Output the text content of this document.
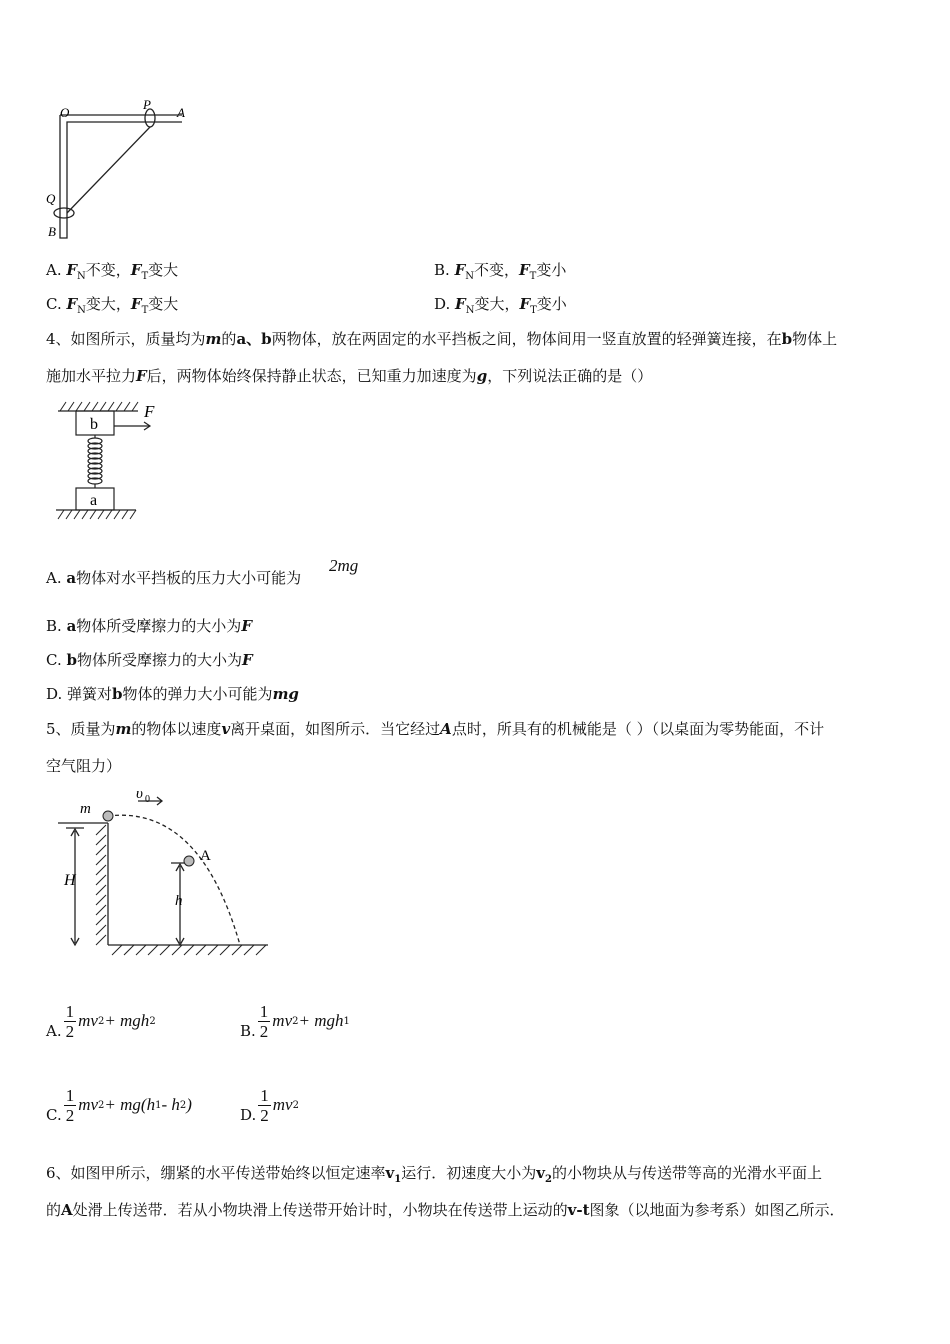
O
P
A
Q
B
A. $F_N$不变，$F_T$变大	B. $F_N$不变，$F_T$变小
C. $F_N$变大，$F_T$变大	D. $F_N$变大，$F_T$变小
4、如图所示，质量均为m的a、b两物体，放在两固定的水平挡板之间，物体间用一竖直放置的轻弹簧连接，在b物体上
施加水平拉力F后，两物体始终保持静止状态，已知重力加速度为g，下列说法正确的是（）
F
b
a
A. a物体对水平挡板的压力大小可能为
2mg
B. a物体所受摩擦力的大小为F
C. b物体所受摩擦力的大小为F
D. 弹簧对b物体的弹力大小可能为mg
5、质量为m的物体以速度v离开桌面，如图所示．当它经过A点时，所具有的机械能是（ ）（以桌面为零势能面，不计
空气阻力）
m
υ 0
A
H
h
A. $\frac{1}{2}$ mv 2 + mgh 2
B. $\frac{1}{2}$ mv 2 + mgh 1
C. $\frac{1}{2}$ mv 2 + mg(h 1 - h 2 )
D. $\frac{1}{2}$ mv 2
6、如图甲所示，绷紧的水平传送带始终以恒定速率$v_1$运行．初速度大小为$v_2$的小物块从与传送带等高的光滑水平面上
的A处滑上传送带．若从小物块滑上传送带开始计时，小物块在传送带上运动的v-t图象（以地面为参考系）如图乙所示．
